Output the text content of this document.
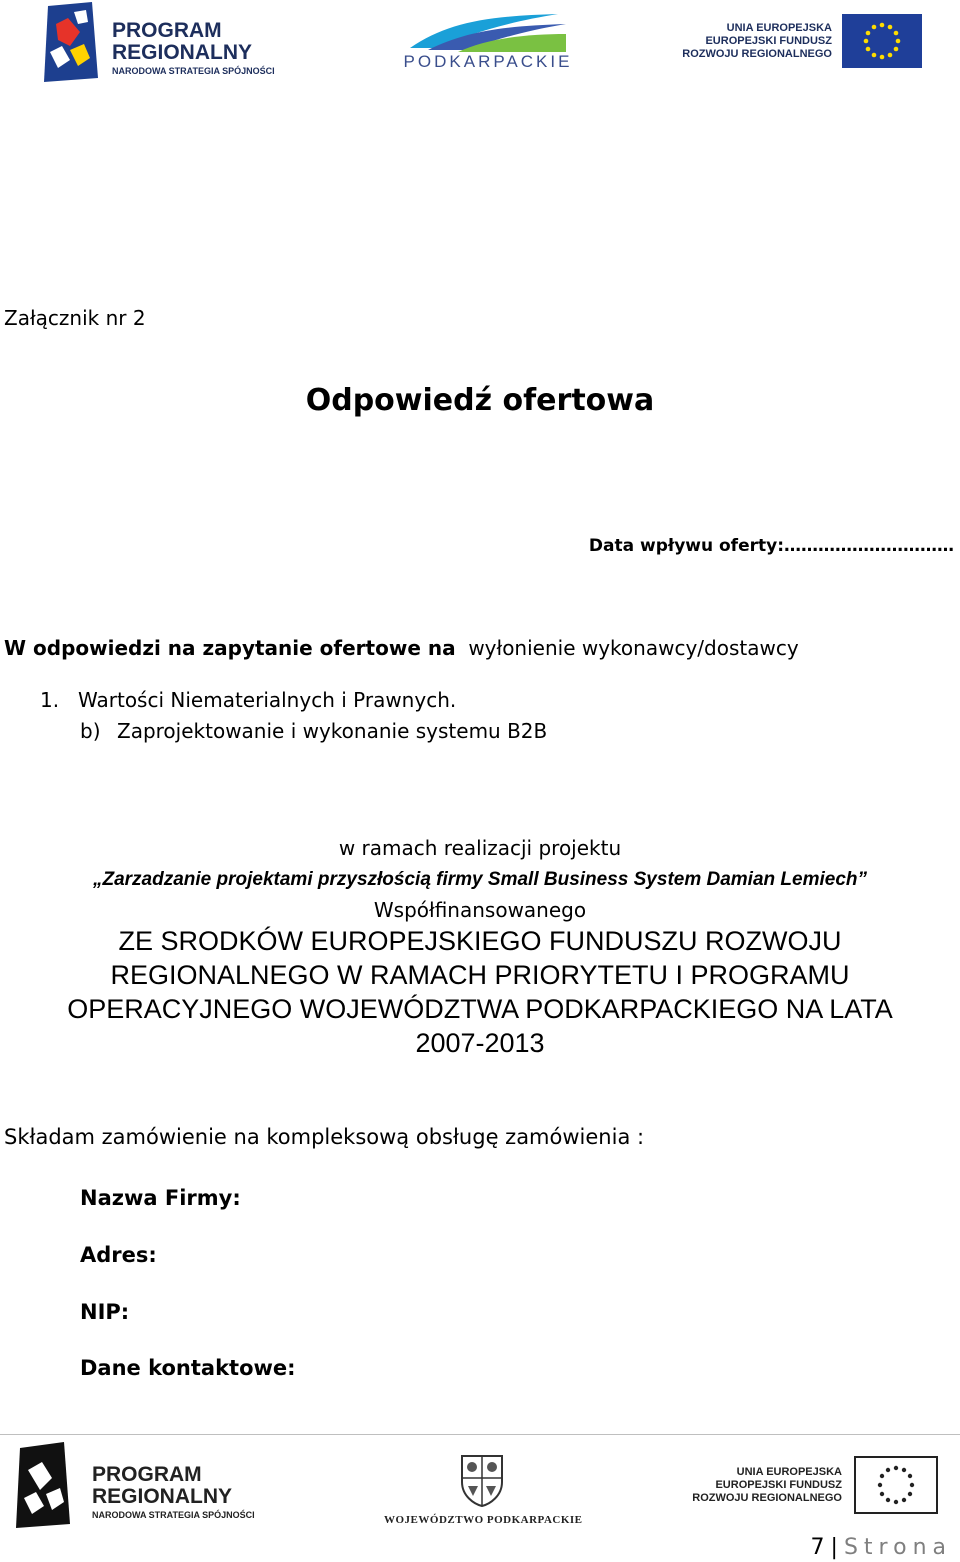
PROGRAM
REGIONALNY
NARODOWA STRATEGIA SPÓJNOŚCI	PODKARPACKIE
UNIA EUROPEJSKA
EUROPEJSKI FUNDUSZ
ROZWOJU REGIONALNEGO
Załącznik nr 2
Odpowiedź ofertowa
Data wpływu oferty:…………………………
W odpowiedzi na zapytanie ofertowe na wyłonienie wykonawcy/dostawcy
1. Wartości Niematerialnych i Prawnych.
b) Zaprojektowanie i wykonanie systemu B2B
w ramach realizacji projektu
„Zarzadzanie projektami przyszłością firmy Small Business System Damian Lemiech”
Współfinansowanego
ZE SRODKÓW EUROPEJSKIEGO FUNDUSZU ROZWOJU
REGIONALNEGO W RAMACH PRIORYTETU I PROGRAMU
OPERACYJNEGO WOJEWÓDZTWA PODKARPACKIEGO NA LATA
2007-2013
Składam zamówienie na kompleksową obsługę zamówienia :
Nazwa Firmy:
Adres:
NIP:
Dane kontaktowe:
PROGRAM
REGIONALNY
NARODOWA STRATEGIA SPÓJNOŚCI	WOJEWÓDZTWO PODKARPACKIE
UNIA EUROPEJSKA
EUROPEJSKI FUNDUSZ
ROZWOJU REGIONALNEGO
7 | Strona
